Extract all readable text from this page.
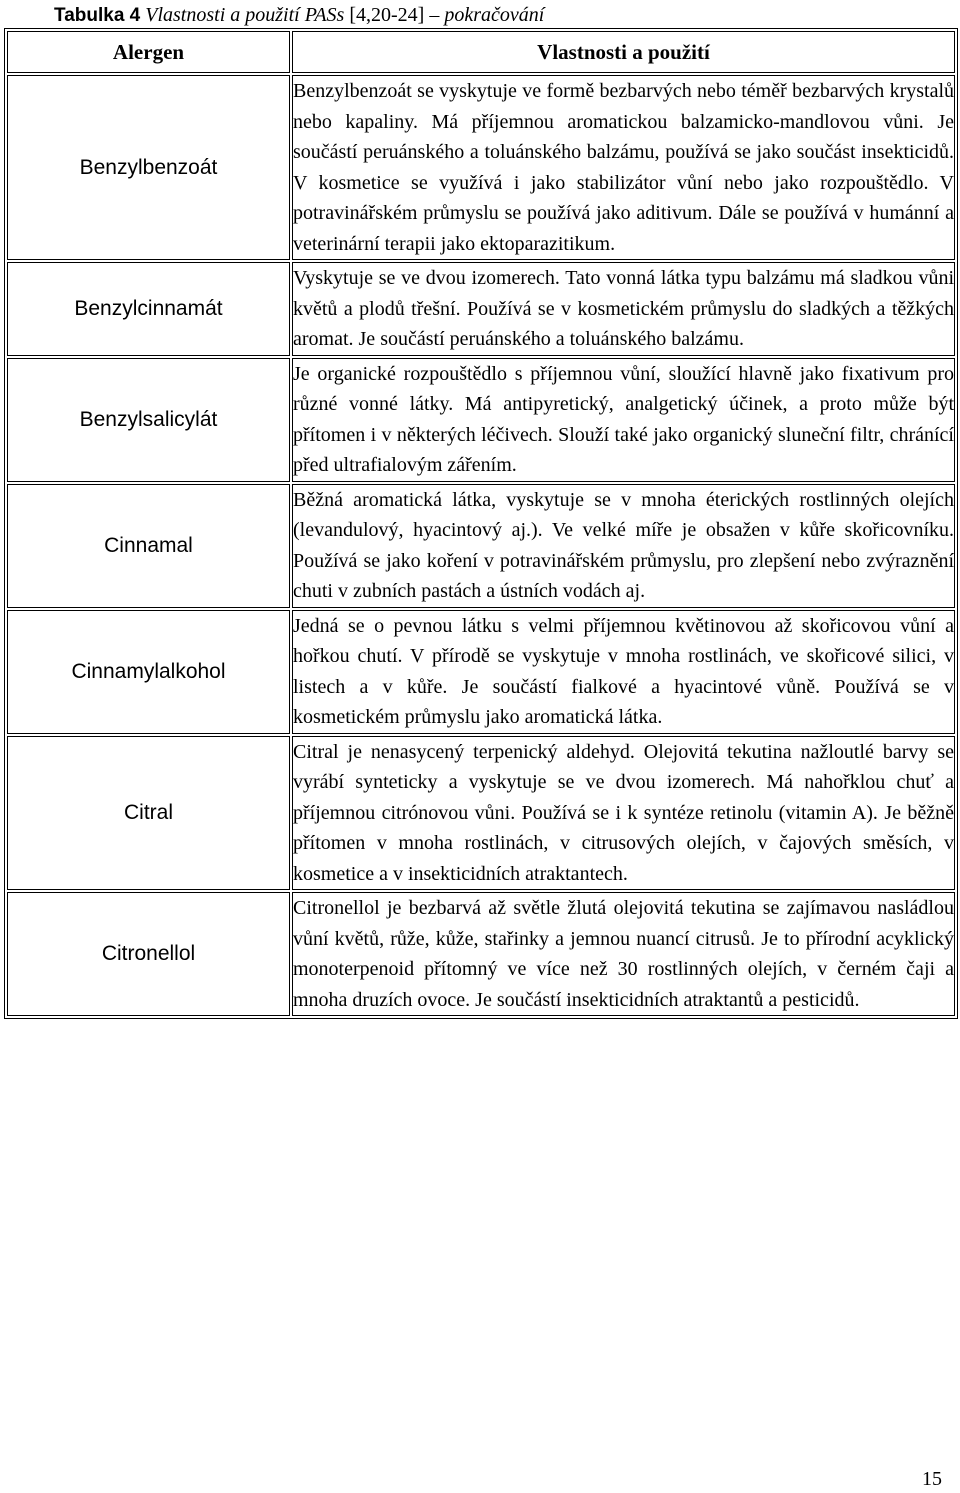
Tabulka 4 Vlastnosti a použití PASs [4,20-24] – pokračování
Alergen	Vlastnosti a použití
Benzylbenzoát	Benzylbenzoát se vyskytuje ve formě bezbarvých nebo téměř bezbarvých krystalů nebo kapaliny. Má příjemnou aromatickou balzamicko-mandlovou vůni. Je součástí peruánského a toluánského balzámu, používá se jako součást insekticidů. V kosmetice se využívá i jako stabilizátor vůní nebo jako rozpouštědlo. V potravinářském průmyslu se používá jako aditivum. Dále se používá v humánní a veterinární terapii jako ektoparazitikum.
Benzylcinnamát	Vyskytuje se ve dvou izomerech. Tato vonná látka typu balzámu má sladkou vůni květů a plodů třešní. Používá se v kosmetickém průmyslu do sladkých a těžkých aromat. Je součástí peruánského a toluánského balzámu.
Benzylsalicylát	Je organické rozpouštědlo s příjemnou vůní, sloužící hlavně jako fixativum pro různé vonné látky. Má antipyretický, analgetický účinek, a proto může být přítomen i v některých léčivech. Slouží také jako organický sluneční filtr, chránící před ultrafialovým zářením.
Cinnamal	Běžná aromatická látka, vyskytuje se v mnoha éterických rostlinných olejích (levandulový, hyacintový aj.). Ve velké míře je obsažen v kůře skořicovníku. Používá se jako koření v potravinářském průmyslu, pro zlepšení nebo zvýraznění chuti v zubních pastách a ústních vodách aj.
Cinnamylalkohol	Jedná se o pevnou látku s velmi příjemnou květinovou až skořicovou vůní a hořkou chutí. V přírodě se vyskytuje v mnoha rostlinách, ve skořicové silici, v listech a v kůře. Je součástí fialkové a hyacintové vůně. Používá se v kosmetickém průmyslu jako aromatická látka.
Citral	Citral je nenasycený terpenický aldehyd. Olejovitá tekutina nažloutlé barvy se vyrábí synteticky a vyskytuje se ve dvou izomerech. Má nahořklou chuť a příjemnou citrónovou vůni. Používá se i k syntéze retinolu (vitamin A). Je běžně přítomen v mnoha rostlinách, v citrusových olejích, v čajových směsích, v kosmetice a v insekticidních atraktantech.
Citronellol	Citronellol je bezbarvá až světle žlutá olejovitá tekutina se zajímavou nasládlou vůní květů, růže, kůže, stařinky a jemnou nuancí citrusů. Je to přírodní acyklický monoterpenoid přítomný ve více než 30 rostlinných olejích, v černém čaji a mnoha druzích ovoce. Je součástí insekticidních atraktantů a pesticidů.
15
